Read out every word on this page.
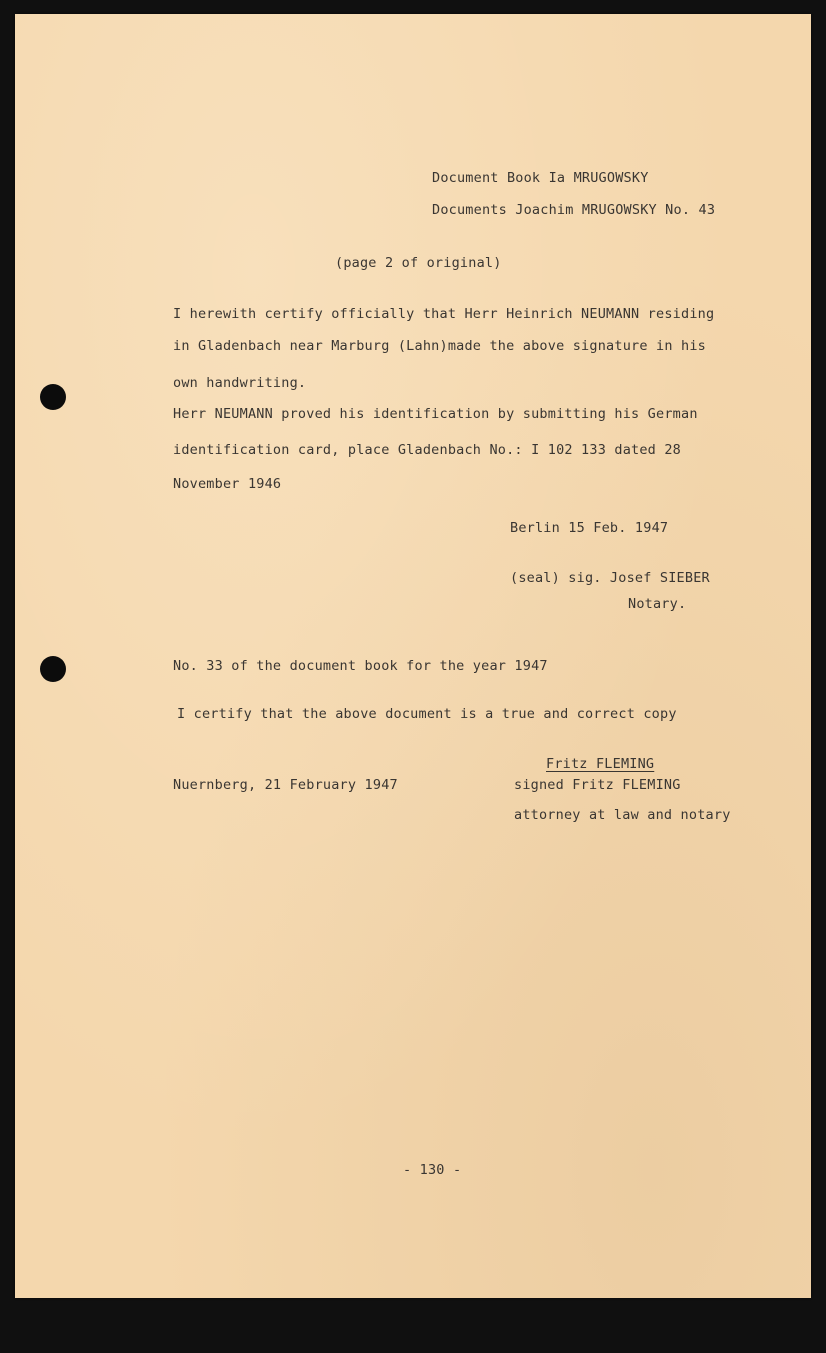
Document Book Ia MRUGOWSKY
Documents Joachim MRUGOWSKY No. 43
(page 2 of original)
I herewith certify officially that Herr Heinrich NEUMANN residing
in Gladenbach near Marburg (Lahn)made the above signature in his
own handwriting.
Herr NEUMANN proved his identification by submitting his German
identification card, place Gladenbach No.: I 102 133 dated 28
November 1946
Berlin 15 Feb. 1947
(seal) sig. Josef SIEBER
Notary.
No. 33 of the document book for the year 1947
I certify that the above document is a true and correct copy
Fritz FLEMING
Nuernberg, 21 February 1947	signed Fritz FLEMING
attorney at law and notary
- 130 -
